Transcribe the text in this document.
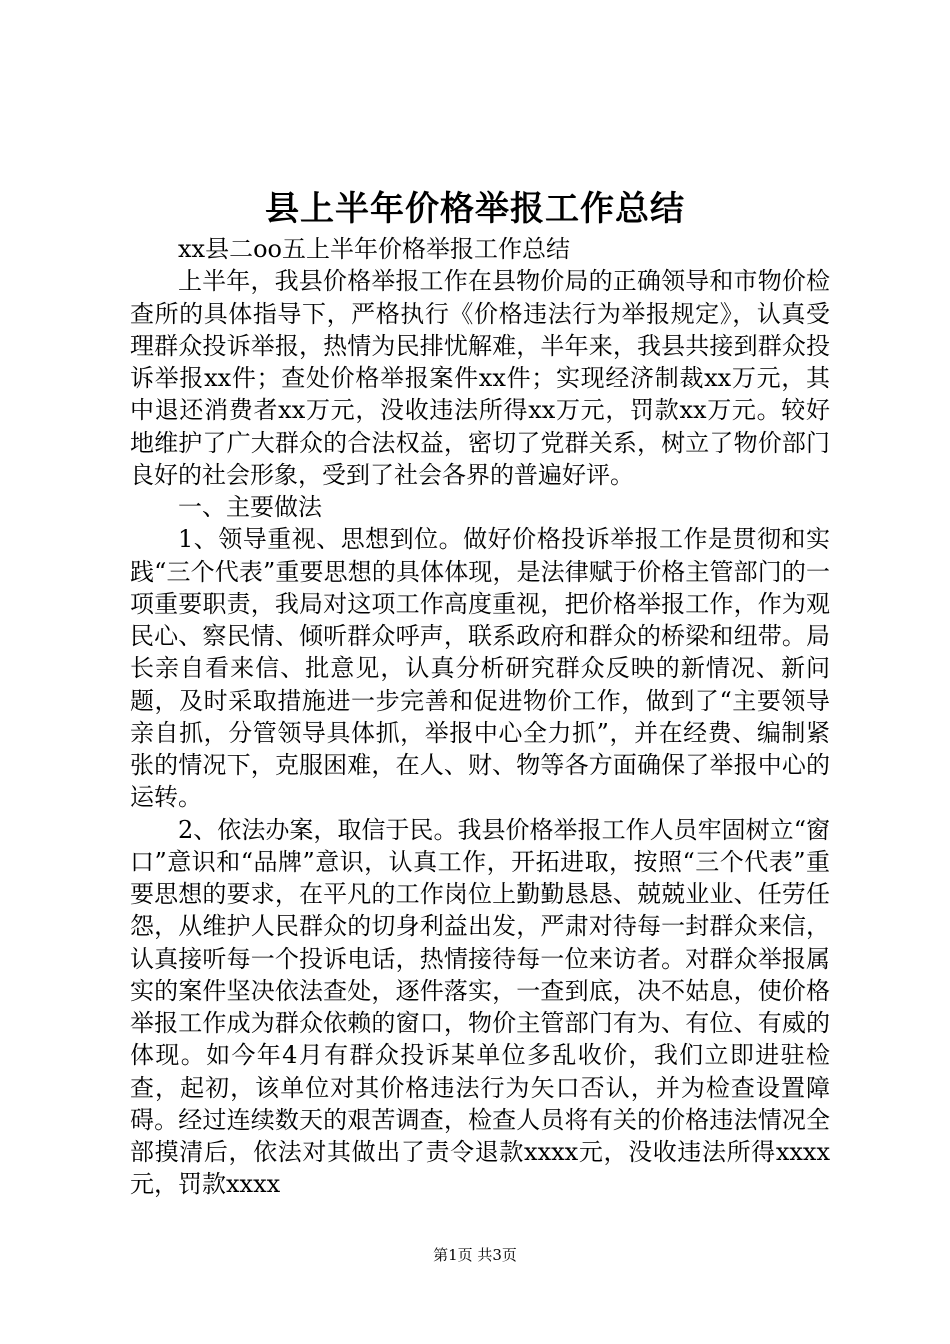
县上半年价格举报工作总结

xx县二oo五上半年价格举报工作总结

上半年，我县价格举报工作在县物价局的正确领导和市物价检查所的具体指导下，严格执行《价格违法行为举报规定》，认真受理群众投诉举报，热情为民排忧解难，半年来，我县共接到群众投诉举报xx件；查处价格举报案件xx件；实现经济制裁xx万元，其中退还消费者xx万元，没收违法所得xx万元，罚款xx万元。较好地维护了广大群众的合法权益，密切了党群关系，树立了物价部门良好的社会形象，受到了社会各界的普遍好评。

一、主要做法

1、领导重视、思想到位。做好价格投诉举报工作是贯彻和实践“三个代表”重要思想的具体体现，是法律赋于价格主管部门的一项重要职责，我局对这项工作高度重视，把价格举报工作，作为观民心、察民情、倾听群众呼声，联系政府和群众的桥梁和纽带。局长亲自看来信、批意见，认真分析研究群众反映的新情况、新问题，及时采取措施进一步完善和促进物价工作，做到了“主要领导亲自抓，分管领导具体抓，举报中心全力抓”，并在经费、编制紧张的情况下，克服困难，在人、财、物等各方面确保了举报中心的运转。

2、依法办案，取信于民。我县价格举报工作人员牢固树立“窗口”意识和“品牌”意识，认真工作，开拓进取，按照“三个代表”重要思想的要求，在平凡的工作岗位上勤勤恳恳、兢兢业业、任劳任怨，从维护人民群众的切身利益出发，严肃对待每一封群众来信，认真接听每一个投诉电话，热情接待每一位来访者。对群众举报属实的案件坚决依法查处，逐件落实，一查到底，决不姑息，使价格举报工作成为群众依赖的窗口，物价主管部门有为、有位、有威的体现。如今年4月有群众投诉某单位多乱收价，我们立即进驻检查，起初，该单位对其价格违法行为矢口否认，并为检查设置障碍。经过连续数天的艰苦调查，检查人员将有关的价格违法情况全部摸清后，依法对其做出了责令退款xxxx元，没收违法所得xxxx元，罚款xxxx

第1页 共3页
